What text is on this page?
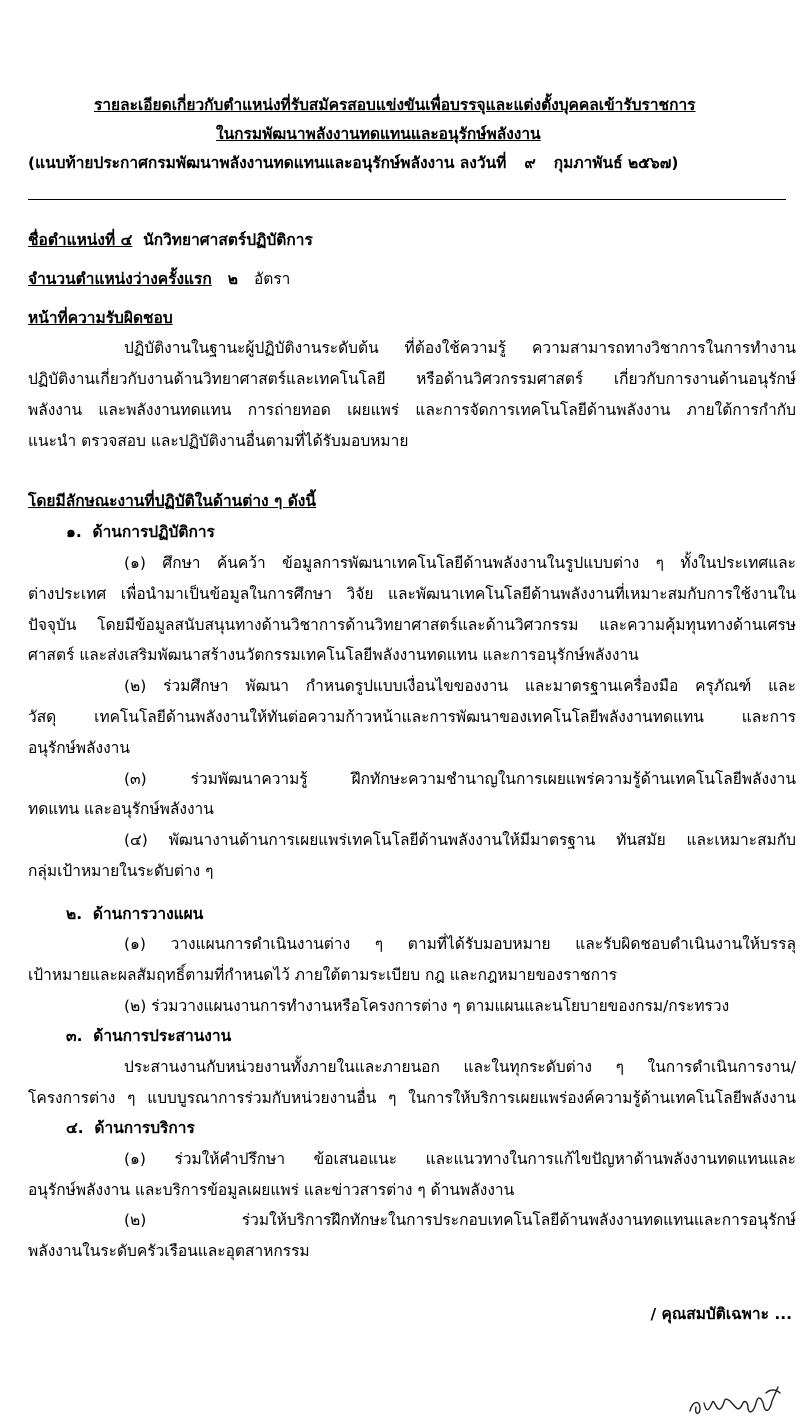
รายละเอียดเกี่ยวกับตำแหน่งที่รับสมัครสอบแข่งขันเพื่อบรรจุและแต่งตั้งบุคคลเข้ารับราชการ
ในกรมพัฒนาพลังงานทดแทนและอนุรักษ์พลังงาน
(แนบท้ายประกาศกรมพัฒนาพลังงานทดแทนและอนุรักษ์พลังงาน ลงวันที่ ๙ กุมภาพันธ์ ๒๕๖๗)
ชื่อตำแหน่งที่ ๔ นักวิทยาศาสตร์ปฏิบัติการ
จำนวนตำแหน่งว่างครั้งแรก ๒ อัตรา
หน้าที่ความรับผิดชอบ
ปฏิบัติงานในฐานะผู้ปฏิบัติงานระดับต้น ที่ต้องใช้ความรู้ ความสามารถทางวิชาการในการทำงาน
ปฏิบัติงานเกี่ยวกับงานด้านวิทยาศาสตร์และเทคโนโลยี หรือด้านวิศวกรรมศาสตร์ เกี่ยวกับการงานด้านอนุรักษ์
พลังงาน และพลังงานทดแทน การถ่ายทอด เผยแพร่ และการจัดการเทคโนโลยีด้านพลังงาน ภายใต้การกำกับ
แนะนำ ตรวจสอบ และปฏิบัติงานอื่นตามที่ได้รับมอบหมาย
โดยมีลักษณะงานที่ปฏิบัติในด้านต่าง ๆ ดังนี้
๑. ด้านการปฏิบัติการ
(๑) ศึกษา ค้นคว้า ข้อมูลการพัฒนาเทคโนโลยีด้านพลังงานในรูปแบบต่าง ๆ ทั้งในประเทศและ
ต่างประเทศ เพื่อนำมาเป็นข้อมูลในการศึกษา วิจัย และพัฒนาเทคโนโลยีด้านพลังงานที่เหมาะสมกับการใช้งานใน
ปัจจุบัน โดยมีข้อมูลสนับสนุนทางด้านวิชาการด้านวิทยาศาสตร์และด้านวิศวกรรม และความคุ้มทุนทางด้านเศรษ
ศาสตร์ และส่งเสริมพัฒนาสร้างนวัตกรรมเทคโนโลยีพลังงานทดแทน และการอนุรักษ์พลังงาน
(๒) ร่วมศึกษา พัฒนา กำหนดรูปแบบเงื่อนไขของงาน และมาตรฐานเครื่องมือ ครุภัณฑ์ และ
วัสดุ เทคโนโลยีด้านพลังงานให้ทันต่อความก้าวหน้าและการพัฒนาของเทคโนโลยีพลังงานทดแทน และการ
อนุรักษ์พลังงาน
(๓) ร่วมพัฒนาความรู้ ฝึกทักษะความชำนาญในการเผยแพร่ความรู้ด้านเทคโนโลยีพลังงาน
ทดแทน และอนุรักษ์พลังงาน
(๔) พัฒนางานด้านการเผยแพร่เทคโนโลยีด้านพลังงานให้มีมาตรฐาน ทันสมัย และเหมาะสมกับ
กลุ่มเป้าหมายในระดับต่าง ๆ
๒. ด้านการวางแผน
(๑) วางแผนการดำเนินงานต่าง ๆ ตามที่ได้รับมอบหมาย และรับผิดชอบดำเนินงานให้บรรลุ
เป้าหมายและผลสัมฤทธิ์ตามที่กำหนดไว้ ภายใต้ตามระเบียบ กฎ และกฎหมายของราชการ
(๒) ร่วมวางแผนงานการทำงานหรือโครงการต่าง ๆ ตามแผนและนโยบายของกรม/กระทรวง
๓. ด้านการประสานงาน
ประสานงานกับหน่วยงานทั้งภายในและภายนอก และในทุกระดับต่าง ๆ ในการดำเนินการงาน/
โครงการต่าง ๆ แบบบูรณาการร่วมกับหน่วยงานอื่น ๆ ในการให้บริการเผยแพร่องค์ความรู้ด้านเทคโนโลยีพลังงาน
๔. ด้านการบริการ
(๑) ร่วมให้คำปรึกษา ข้อเสนอแนะ และแนวทางในการแก้ไขปัญหาด้านพลังงานทดแทนและ
อนุรักษ์พลังงาน และบริการข้อมูลเผยแพร่ และข่าวสารต่าง ๆ ด้านพลังงาน
(๒) ร่วมให้บริการฝึกทักษะในการประกอบเทคโนโลยีด้านพลังงานทดแทนและการอนุรักษ์
พลังงานในระดับครัวเรือนและอุตสาหกรรม
/ คุณสมบัติเฉพาะ ...
